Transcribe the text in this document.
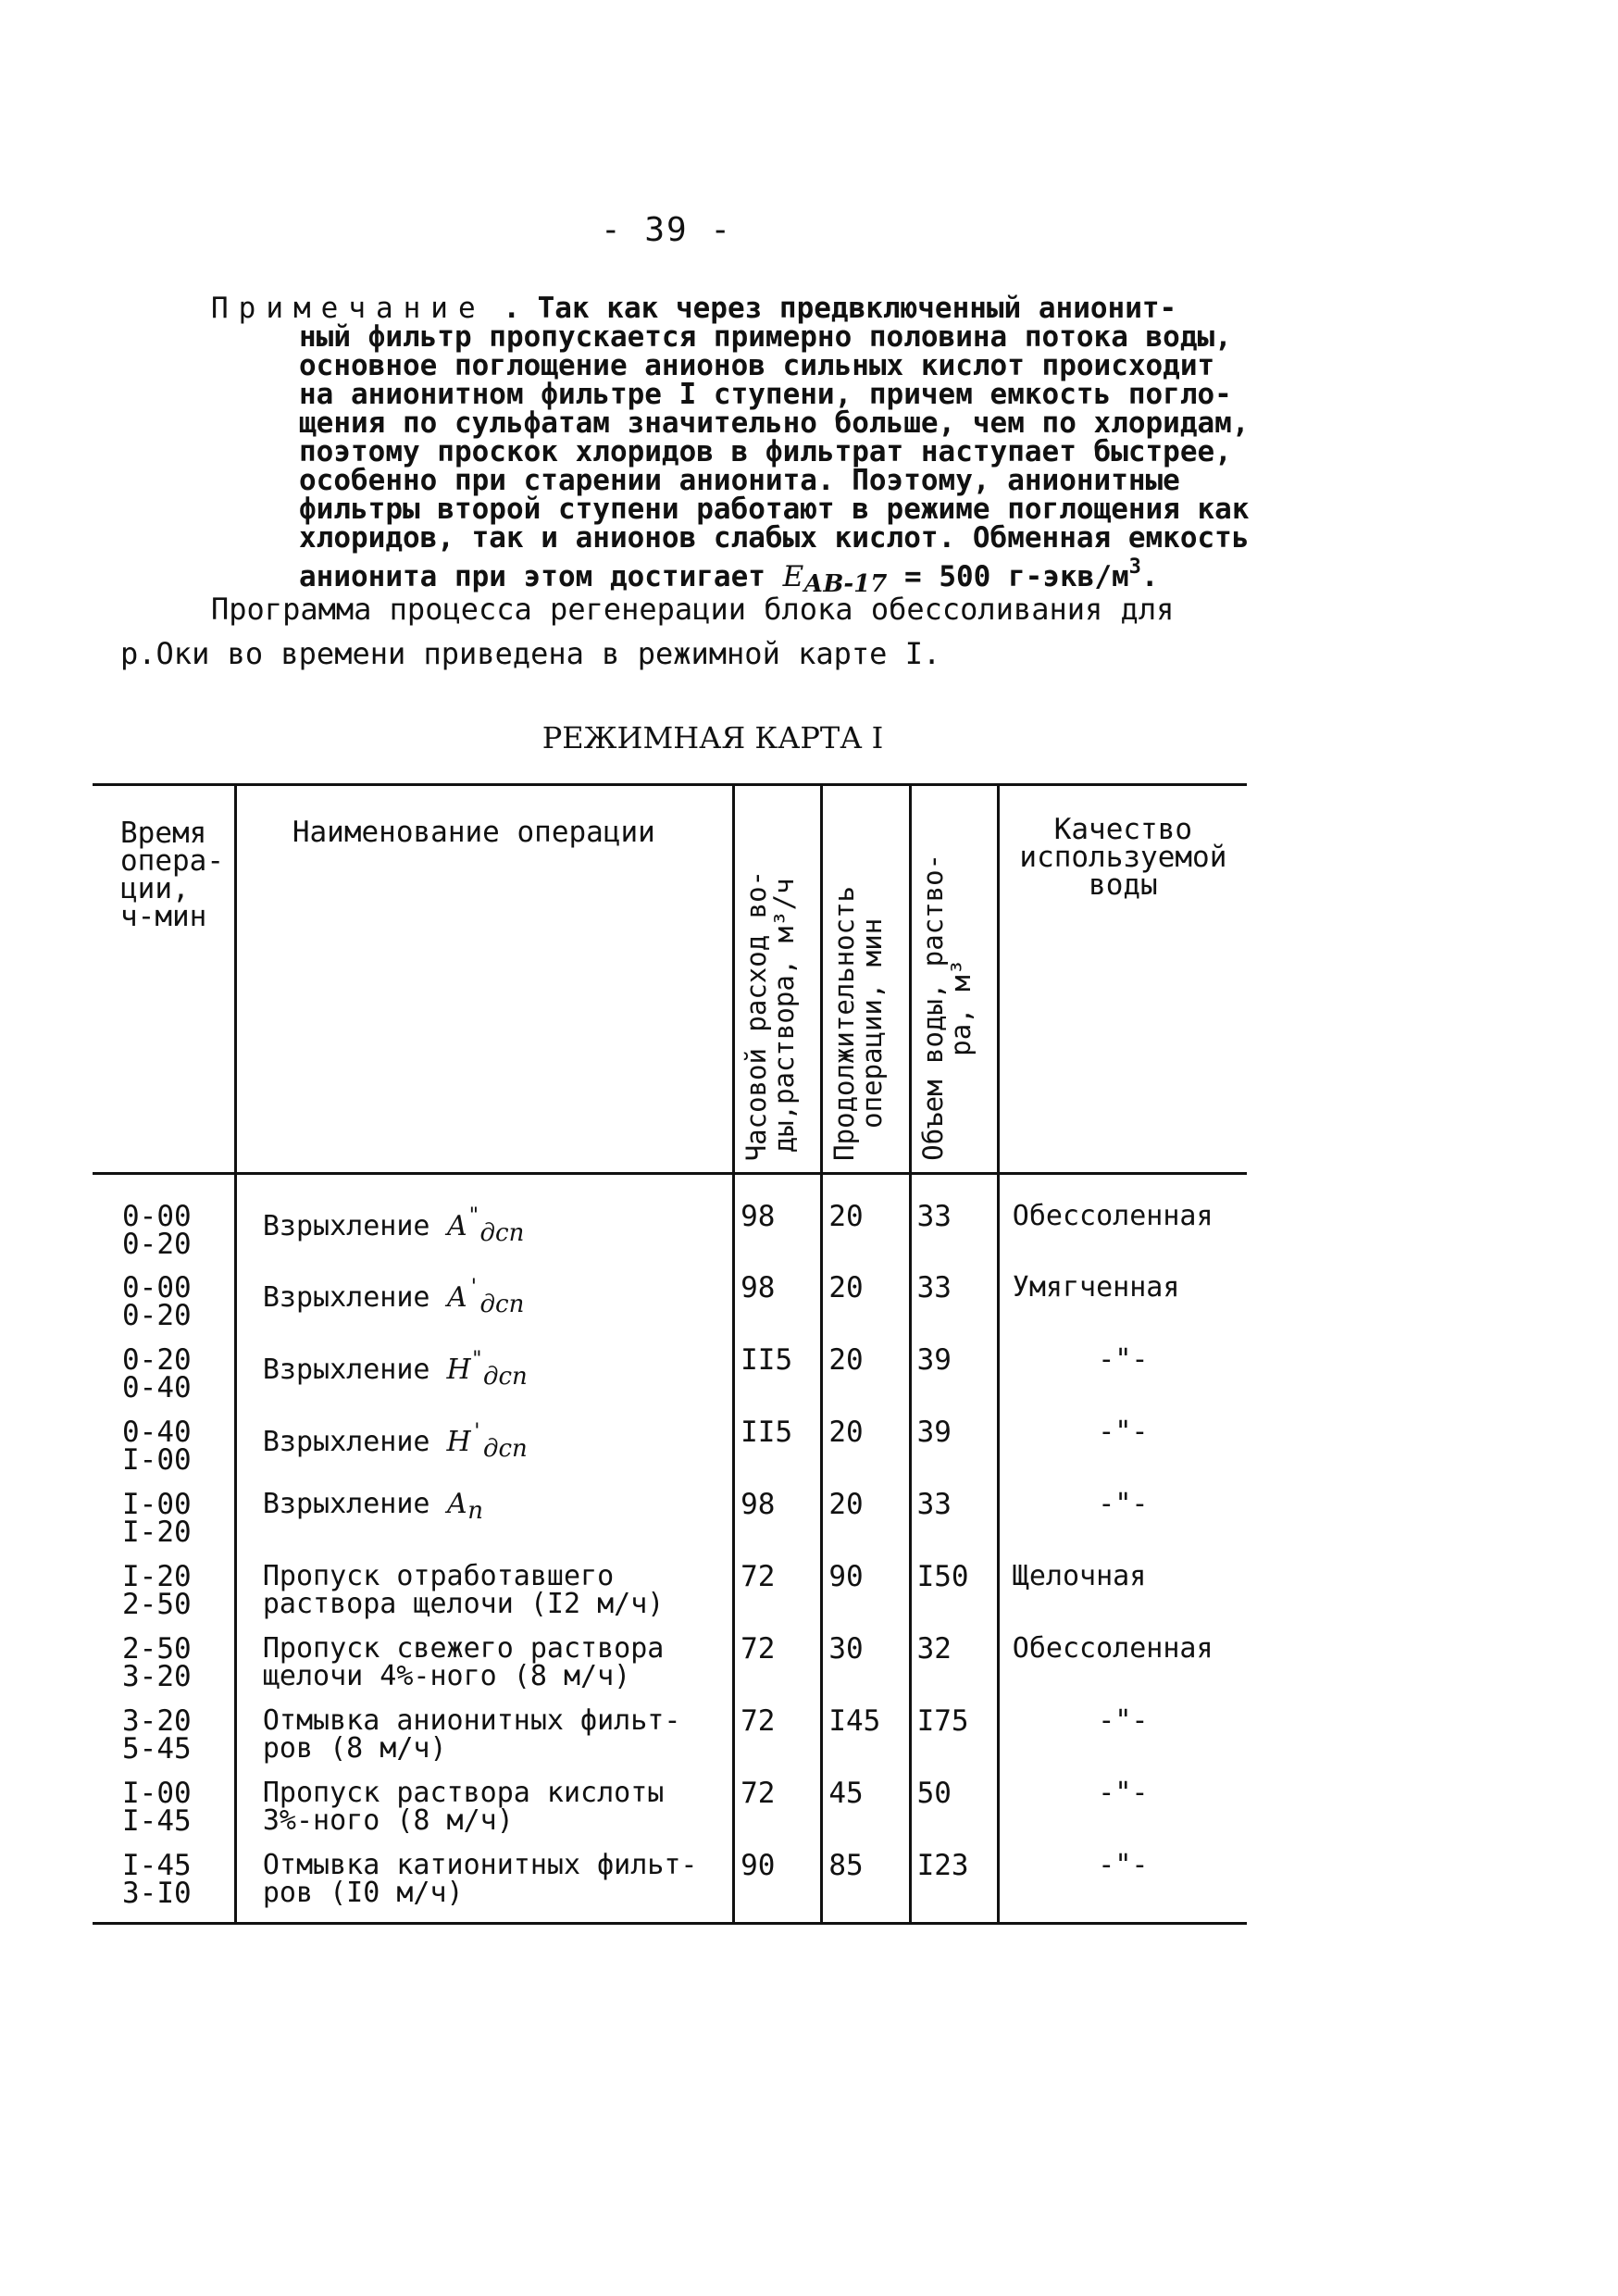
- 39 -
Примечание . Так как через предвключенный анионит-
ный фильтр пропускается примерно половина потока воды,
основное поглощение анионов сильных кислот происходит
на анионитном фильтре I ступени, причем емкость погло-
щения по сульфатам значительно больше, чем по хлоридам,
поэтому проскок хлоридов в фильтрат наступает быстрее,
особенно при старении анионита. Поэтому, анионитные
фильтры второй ступени работают в режиме поглощения как
хлоридов, так и анионов слабых кислот. Обменная емкость
анионита при этом достигает $E_{АВ-17} = 500$ $г-экв/м^3$.
Программа процесса регенерации блока обессоливания для
р.Оки во времени приведена в режимной карте I.
РЕЖИМНАЯ КАРТА I
Время
опера-
ции,
ч-мин	Наименование операции	Часовой расход во-
ды,раствора, м³/ч	Продолжительность
операции, мин	Объем воды, раство-
ра, м³	Качество
используемой
воды

0-00
0-20	Взрыхление А"дсп	98	20	33	Обессоленная

0-00
0-20	Взрыхление А'дсп	98	20	33	Умягченная

0-20
0-40	Взрыхление Н"дсп	II5	20	39	-"-

0-40
I-00	Взрыхление Н'дсп	II5	20	39	-"-

I-00
I-20	Взрыхление Ап	98	20	33	-"-

I-20
2-50	Пропуск отработавшего
раствора щелочи (I2 м/ч)	72	90	I50	Щелочная

2-50
3-20	Пропуск свежего раствора
щелочи 4%-ного (8 м/ч)	72	30	32	Обессоленная

3-20
5-45	Отмывка анионитных фильт-
ров (8 м/ч)	72	I45	I75	-"-

I-00
I-45	Пропуск раствора кислоты
3%-ного (8 м/ч)	72	45	50	-"-

I-45
3-I0	Отмывка катионитных фильт-
ров (I0 м/ч)	90	85	I23	-"-
